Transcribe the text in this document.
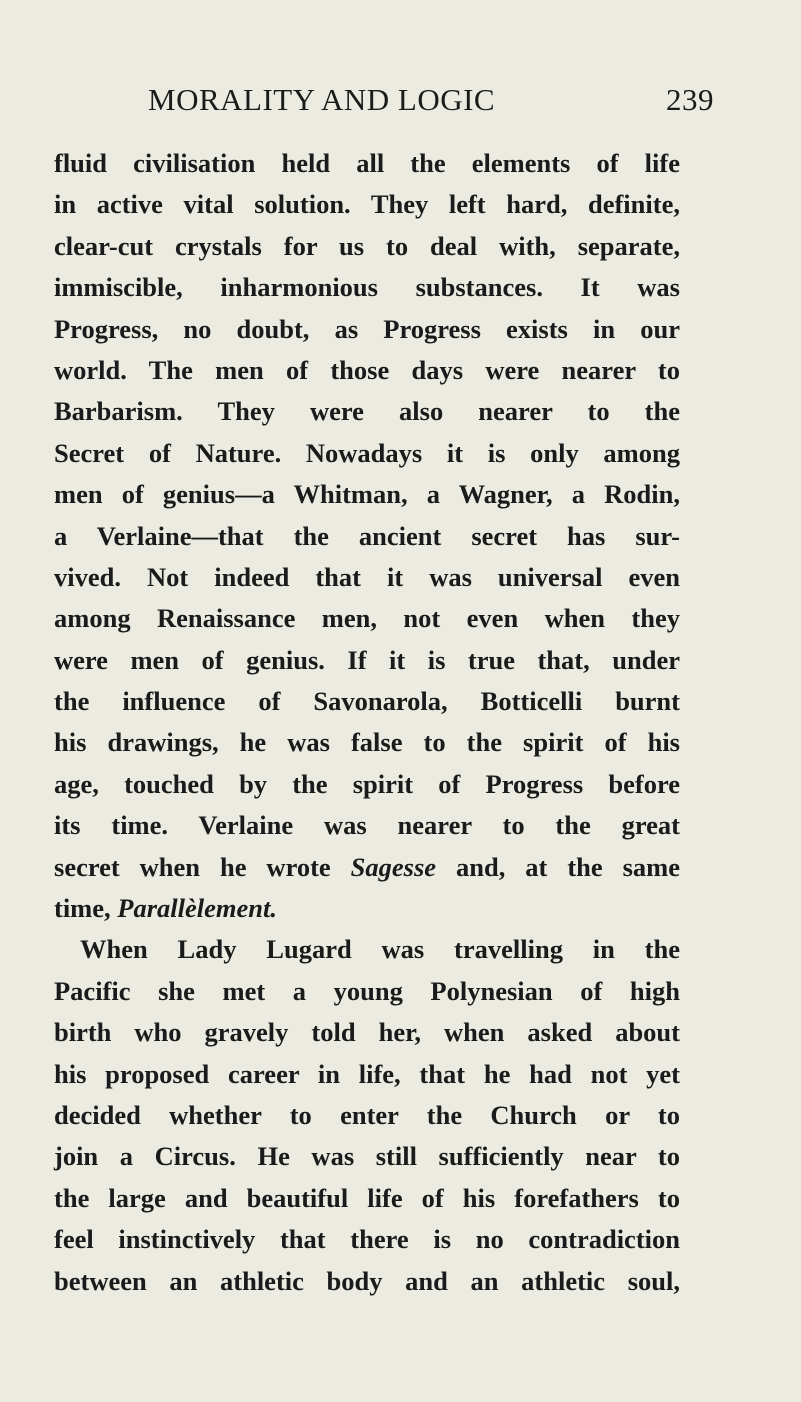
MORALITY AND LOGIC	239
fluid civilisation held all the elements of life
in active vital solution. They left hard, definite,
clear-cut crystals for us to deal with, separate,
immiscible, inharmonious substances. It was
Progress, no doubt, as Progress exists in our
world. The men of those days were nearer to
Barbarism. They were also nearer to the
Secret of Nature. Nowadays it is only among
men of genius—a Whitman, a Wagner, a Rodin,
a Verlaine—that the ancient secret has sur-
vived. Not indeed that it was universal even
among Renaissance men, not even when they
were men of genius. If it is true that, under
the influence of Savonarola, Botticelli burnt
his drawings, he was false to the spirit of his
age, touched by the spirit of Progress before
its time. Verlaine was nearer to the great
secret when he wrote Sagesse and, at the same
time, Parallèlement.
When Lady Lugard was travelling in the
Pacific she met a young Polynesian of high
birth who gravely told her, when asked about
his proposed career in life, that he had not yet
decided whether to enter the Church or to
join a Circus. He was still sufficiently near to
the large and beautiful life of his forefathers to
feel instinctively that there is no contradiction
between an athletic body and an athletic soul,
